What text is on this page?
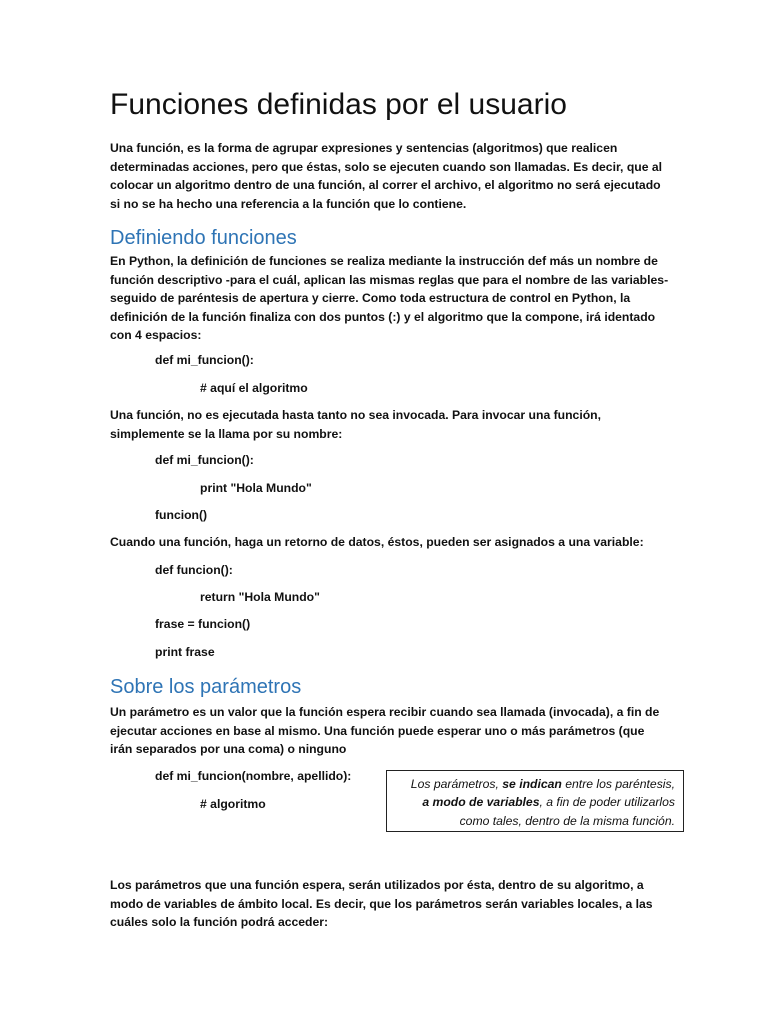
Funciones definidas por el usuario

Una función, es la forma de agrupar expresiones y sentencias (algoritmos) que realicen determinadas acciones, pero que éstas, solo se ejecuten cuando son llamadas. Es decir, que al colocar un algoritmo dentro de una función, al correr el archivo, el algoritmo no será ejecutado si no se ha hecho una referencia a la función que lo contiene.

Definiendo funciones

En Python, la definición de funciones se realiza mediante la instrucción def más un nombre de función descriptivo -para el cuál, aplican las mismas reglas que para el nombre de las variables- seguido de paréntesis de apertura y cierre. Como toda estructura de control en Python, la definición de la función finaliza con dos puntos (:) y el algoritmo que la compone, irá identado con 4 espacios:

def mi_funcion():
# aquí el algoritmo

Una función, no es ejecutada hasta tanto no sea invocada. Para invocar una función, simplemente se la llama por su nombre:

def mi_funcion():
print "Hola Mundo"
funcion()

Cuando una función, haga un retorno de datos, éstos, pueden ser asignados a una variable:

def funcion():
return "Hola Mundo"
frase = funcion()
print frase
Sobre los parámetros

Un parámetro es un valor que la función espera recibir cuando sea llamada (invocada), a fin de ejecutar acciones en base al mismo. Una función puede esperar uno o más parámetros (que irán separados por una coma) o ninguno

def mi_funcion(nombre, apellido):
# algoritmo

Los parámetros que una función espera, serán utilizados por ésta, dentro de su algoritmo, a modo de variables de ámbito local. Es decir, que los parámetros serán variables locales, a las cuáles solo la función podrá acceder:

Los parámetros, se indican entre los paréntesis,
a modo de variables, a fin de poder utilizarlos
como tales, dentro de la misma función.
